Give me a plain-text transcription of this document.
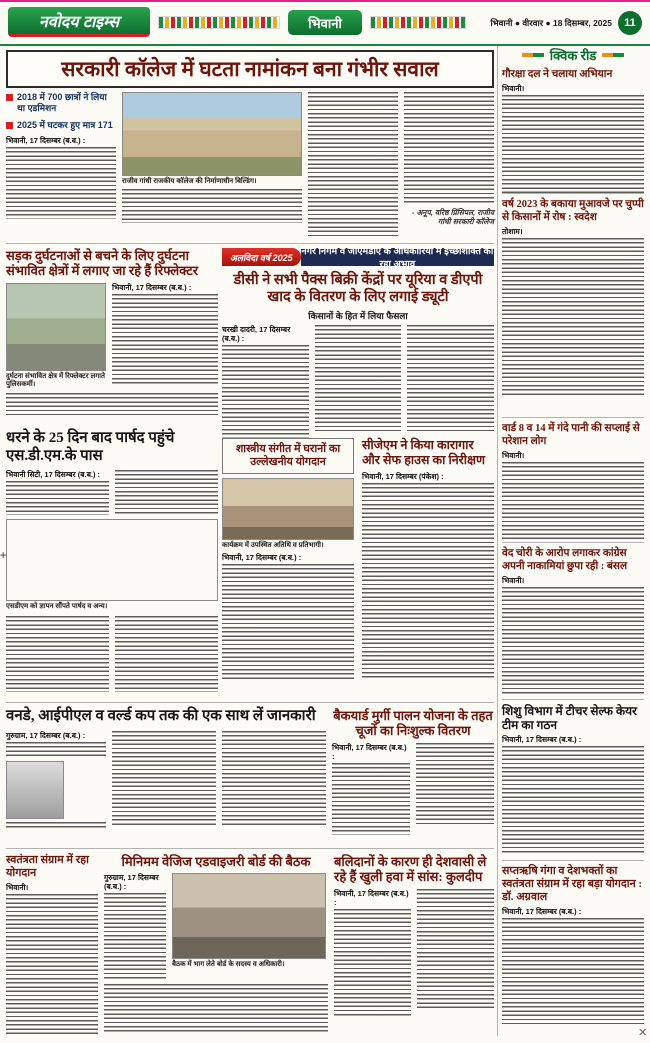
नवोदय टाइम्स	भिवानी	भिवानी ● वीरवार ● 18 दिसम्बर, 2025	11
सरकारी कॉलेज में घटता नामांकन बना गंभीर सवाल
2018 में 700 छात्रों ने लिया था एडमिशन
2025 में घटकर हुए मात्र 171
भिवानी, 17 दिसम्बर (ब.ब.) :
राजीव गांधी राजकीय कॉलेज की निर्माणाधीन बिल्डिंग।
- अनूप, वरिष्ठ प्रिंसिपल, राजीव गांधी सरकारी कॉलेज
सड़क दुर्घटनाओं से बचने के लिए दुर्घटना संभावित क्षेत्रों में लगाए जा रहे हैं रिफ्लेक्टर
दुर्घटना संभावित क्षेत्र में रिफ्लेक्टर लगाते पुलिसकर्मी।
भिवानी, 17 दिसम्बर (ब.ब.) :
धरने के 25 दिन बाद पार्षद पहुंचे एस.डी.एम.के पास
भिवानी सिटी, 17 दिसम्बर (ब.ब.) :
एसडीएम को ज्ञापन सौंपते पार्षद व अन्य।
अलविदा वर्ष 2025
नगर निगम व जीएमडीए के अधिकारियों में इच्छाशक्ति का रहा अभाव
डीसी ने सभी पैक्स बिक्री केंद्रों पर यूरिया व डीएपी खाद के वितरण के लिए लगाई ड्यूटी
किसानों के हित में लिया फैसला
चरखी दादरी, 17 दिसम्बर (ब.ब.) :
शास्त्रीय संगीत में घरानों का उल्लेखनीय योगदान
कार्यक्रम में उपस्थित अतिथि व प्रतिभागी।
भिवानी, 17 दिसम्बर (ब.ब.) :
सीजेएम ने किया कारागार और सेफ हाउस का निरीक्षण
भिवानी, 17 दिसम्बर (पंकेश) :
वनडे, आईपीएल व वर्ल्ड कप तक की एक साथ लें जानकारी
गुरुग्राम, 17 दिसम्बर (ब.ब.) :
बैकयार्ड मुर्गी पालन योजना के तहत चूजों का निःशुल्क वितरण
भिवानी, 17 दिसम्बर (ब.ब.) :
स्वतंत्रता संग्राम में रहा योगदान
भिवानी।
मिनिमम वेजिज एडवाइजरी बोर्ड की बैठक
गुरुग्राम, 17 दिसम्बर (ब.ब.) :
बैठक में भाग लेते बोर्ड के सदस्य व अधिकारी।
बलिदानों के कारण ही देशवासी ले रहे हैं खुली हवा में सांस: कुलदीप
भिवानी, 17 दिसम्बर (ब.ब.) :
क्विक रीड
गौरक्षा दल ने चलाया अभियान
भिवानी।
वर्ष 2023 के बकाया मुआवजे पर चुप्पी से किसानों में रोष : स्वदेश
तोशाम।
वार्ड 8 व 14 में गंदे पानी की सप्लाई से परेशान लोग
भिवानी।
वेद चोरी के आरोप लगाकर कांग्रेस अपनी नाकामियां छुपा रही : बंसल
भिवानी।
शिशु विभाग में टीचर सेल्फ केयर टीम का गठन
भिवानी, 17 दिसम्बर (ब.ब.) :
सप्तऋषि गंगा व देशभक्तों का स्वतंत्रता संग्राम में रहा बड़ा योगदान : डॉ. अग्रवाल
भिवानी, 17 दिसम्बर (ब.ब.) :
+
✕
